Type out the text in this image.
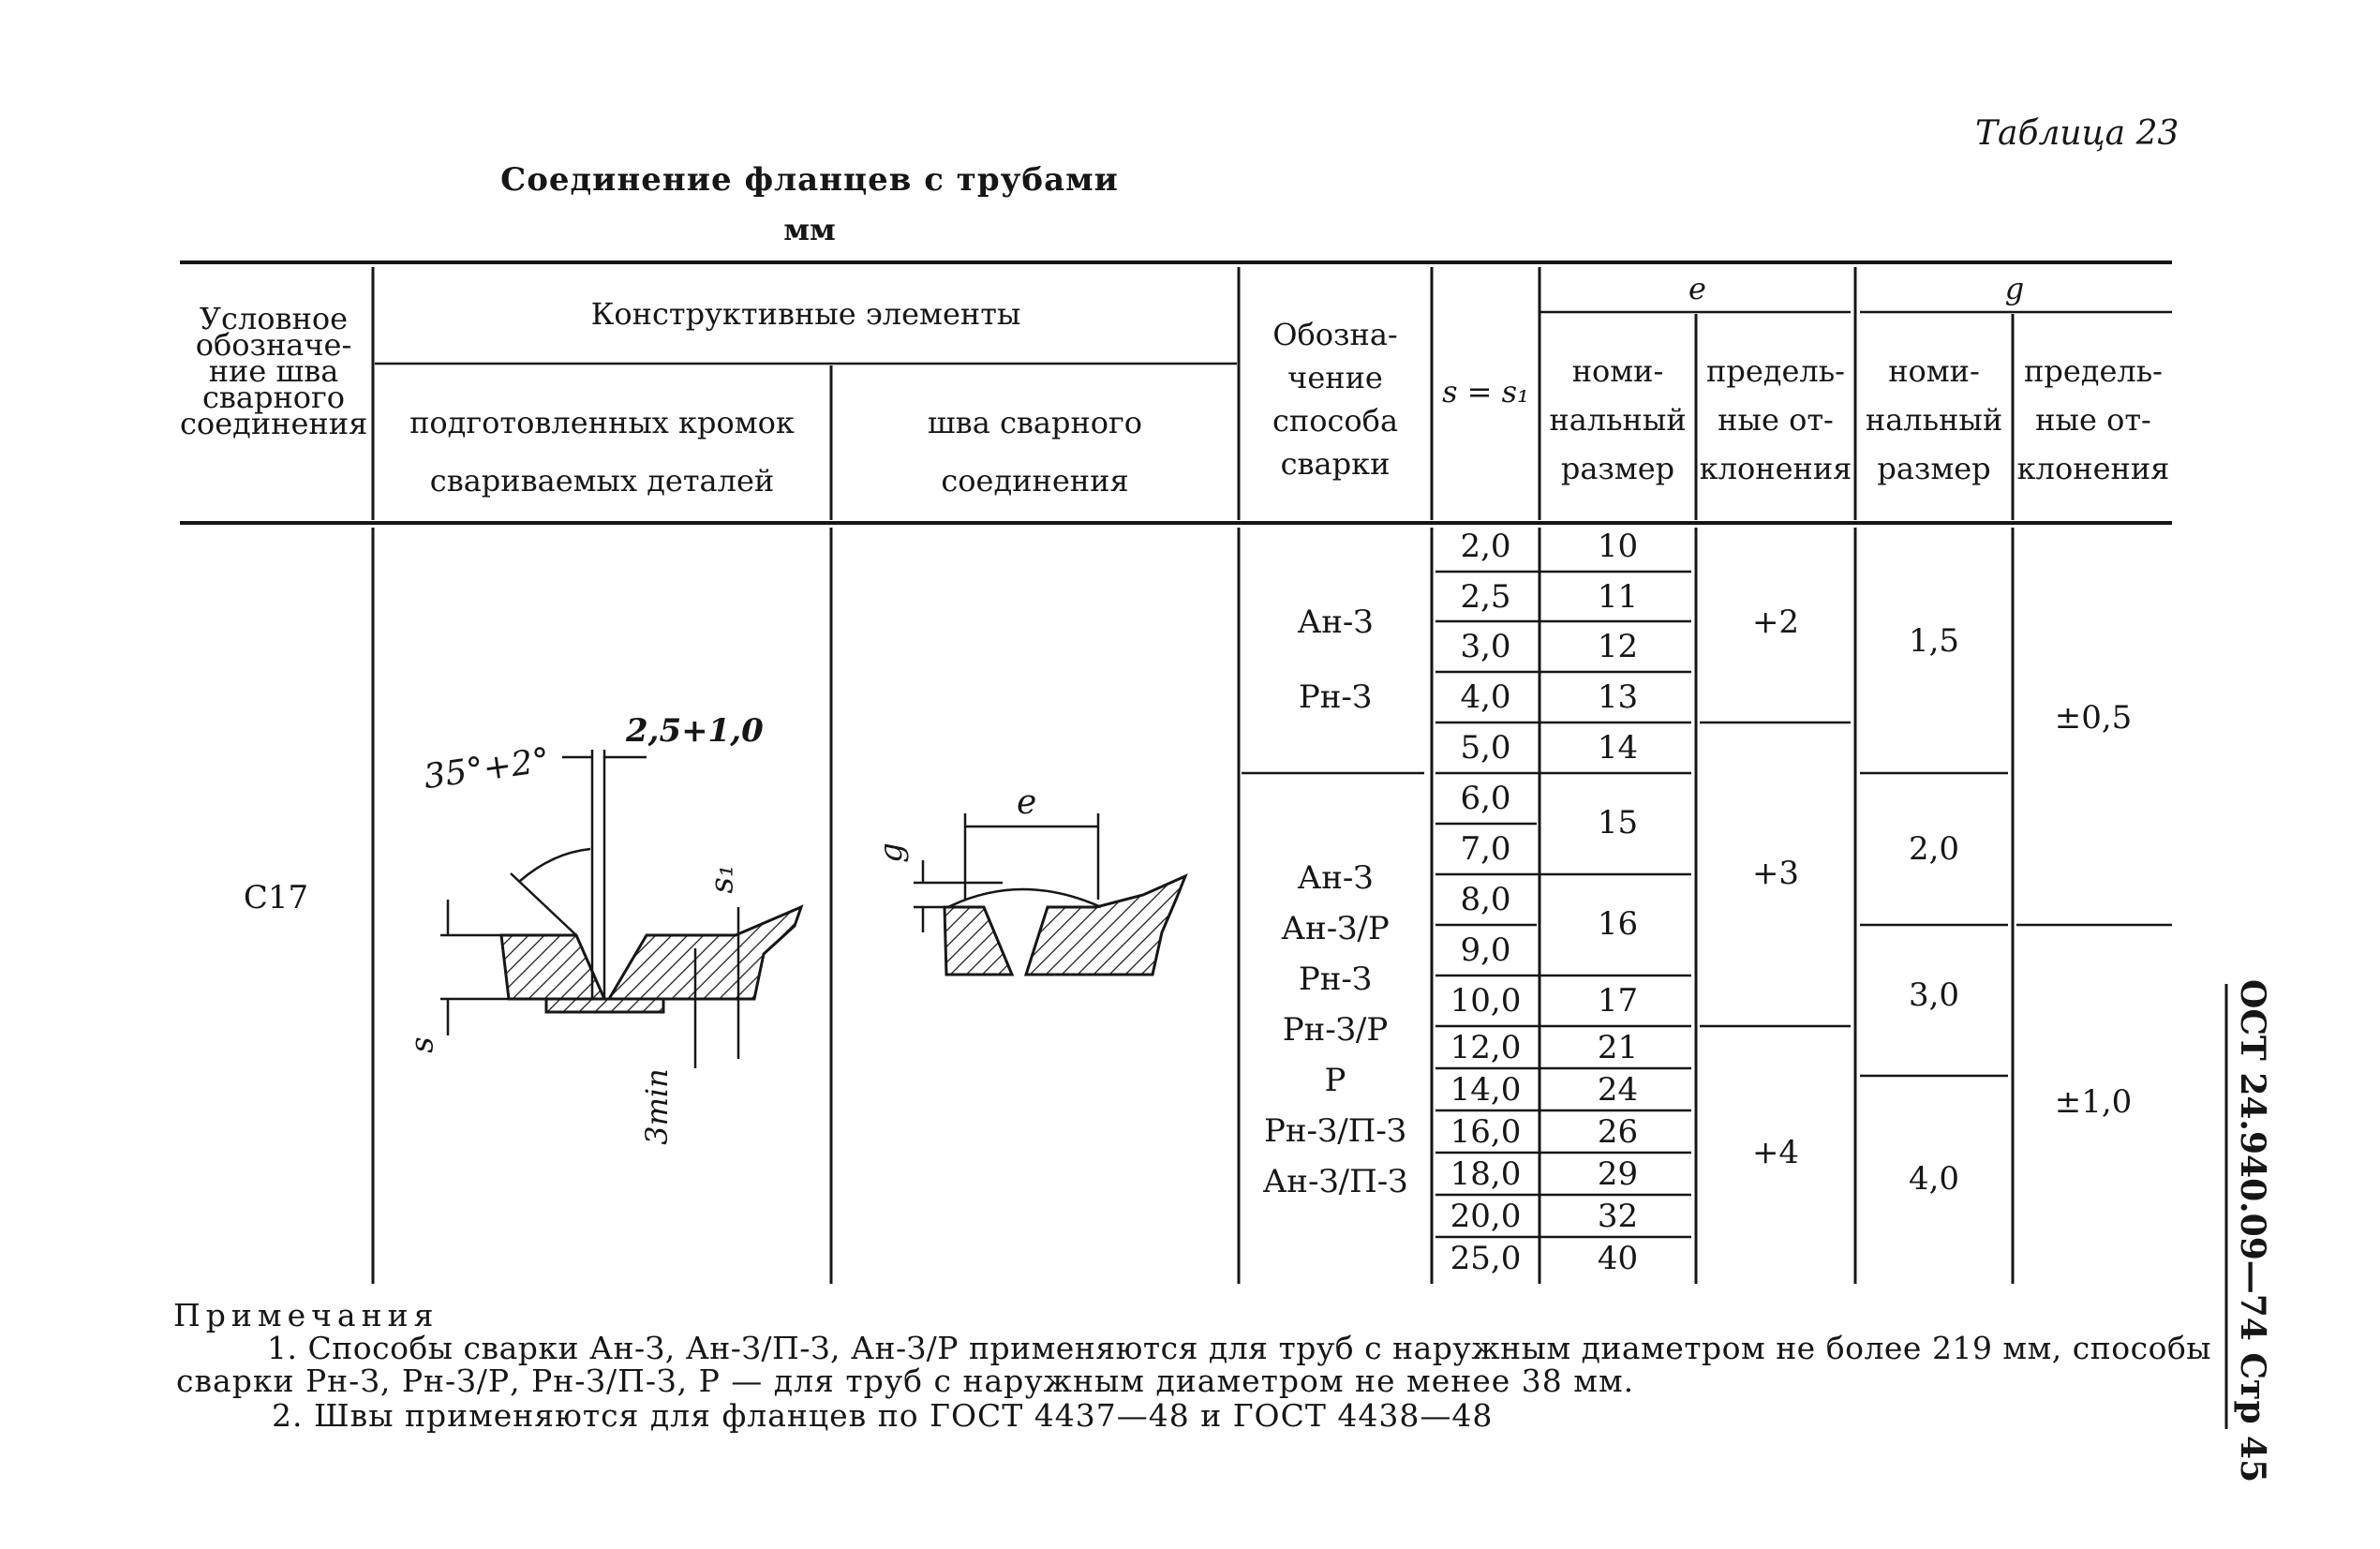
Таблица 23
Соединение фланцев с трубами
мм
Условное
обозначе-
ние шва
сварного
соединения
Конструктивные элементы
подготовленных кромок
свариваемых деталей
шва сварного
соединения
Обозна-
чение
способа
сварки
s = s₁
e	g
номи-
нальный
размер
предель-
ные от-
клонения
номи-
нальный
размер
предель-
ные от-
клонения
С17
Ан-З
Рн-З
Ан-З
Ан-З/Р
Рн-З
Рн-З/Р
Р
Рн-З/П-З
Ан-З/П-З
2,0
2,5
3,0
4,0
5,0
6,0
7,0
8,0
9,0
10,0
12,0
14,0
16,0
18,0
20,0
25,0
10
11
12
13
14
15
16
17
21
24
26
29
32
40
+2
+3
+4
1,5
2,0
3,0
4,0
±0,5
±1,0
35°+2°
2,5+1,0
s₁
s
3min
e
g
Примечания
1. Способы сварки Ан-З, Ан-З/П-З, Ан-З/Р применяются для труб с наружным диаметром не более 219 мм, способы
сварки Рн-З, Рн-З/Р, Рн-З/П-З, Р — для труб с наружным диаметром не менее 38 мм.
2. Швы применяются для фланцев по ГОСТ 4437—48 и ГОСТ 4438—48	ОСТ 24.940.09—74 Стр 45
